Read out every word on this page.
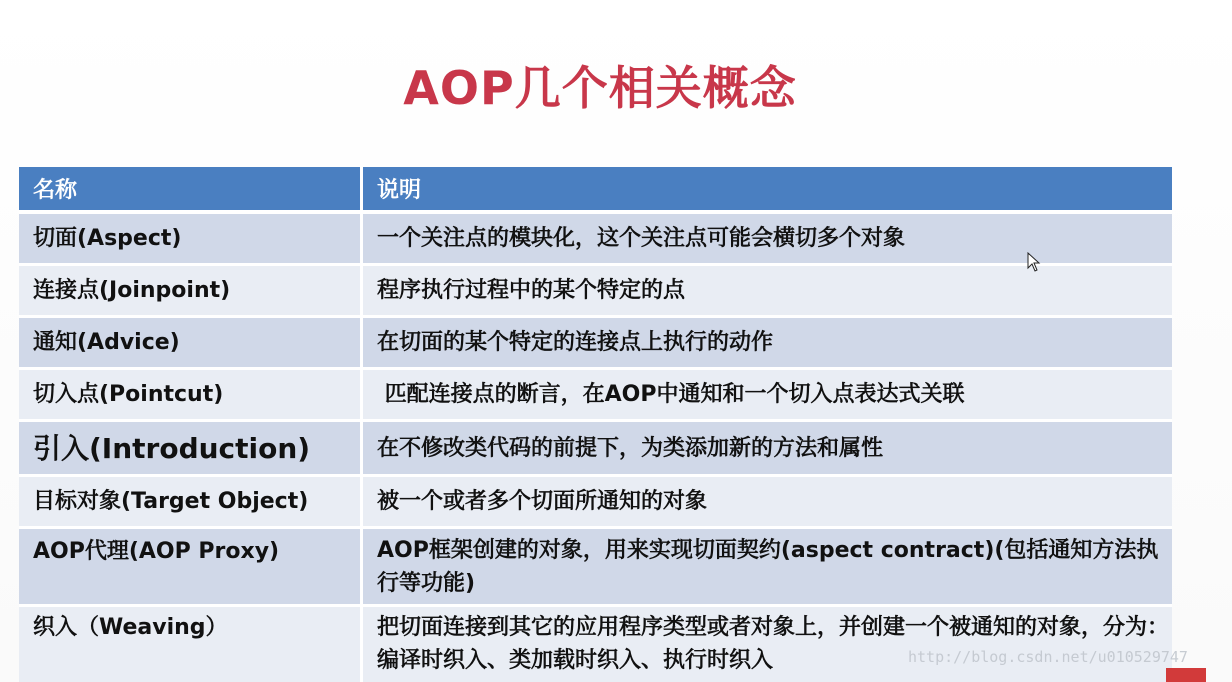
AOP几个相关概念
名称	说明
切面(Aspect)	一个关注点的模块化，这个关注点可能会横切多个对象
连接点(Joinpoint)	程序执行过程中的某个特定的点
通知(Advice)	在切面的某个特定的连接点上执行的动作
切入点(Pointcut)	匹配连接点的断言，在AOP中通知和一个切入点表达式关联
引入(Introduction)	在不修改类代码的前提下，为类添加新的方法和属性
目标对象(Target Object)	被一个或者多个切面所通知的对象
AOP代理(AOP Proxy)	AOP框架创建的对象，用来实现切面契约(aspect contract)(包括通知方法执行等功能)
织入（Weaving）	把切面连接到其它的应用程序类型或者对象上，并创建一个被通知的对象，分为：编译时织入、类加载时织入、执行时织入	http://blog.csdn.net/u010529747
